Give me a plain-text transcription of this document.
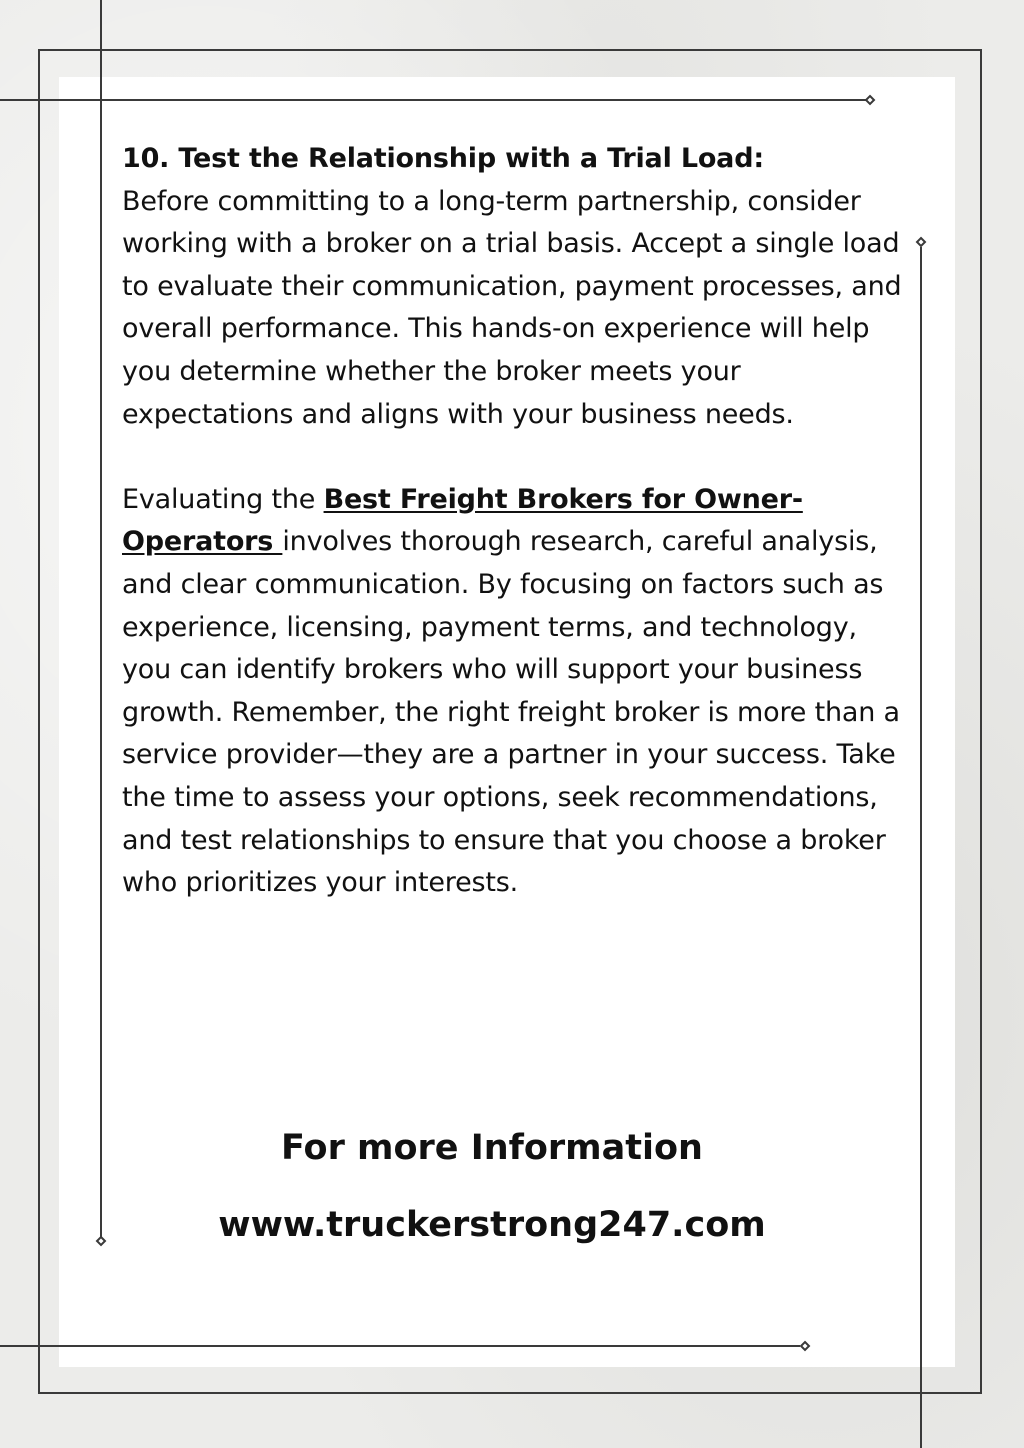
10. Test the Relationship with a Trial Load:
Before committing to a long-term partnership, consider working with a broker on a trial basis. Accept a single load to evaluate their communication, payment processes, and overall performance. This hands-on experience will help you determine whether the broker meets your expectations and aligns with your business needs.

Evaluating the Best Freight Brokers for Owner-Operators involves thorough research, careful analysis, and clear communication. By focusing on factors such as experience, licensing, payment terms, and technology, you can identify brokers who will support your business growth. Remember, the right freight broker is more than a service provider—they are a partner in your success. Take the time to assess your options, seek recommendations, and test relationships to ensure that you choose a broker who prioritizes your interests.

For more Information

www.truckerstrong247.com
